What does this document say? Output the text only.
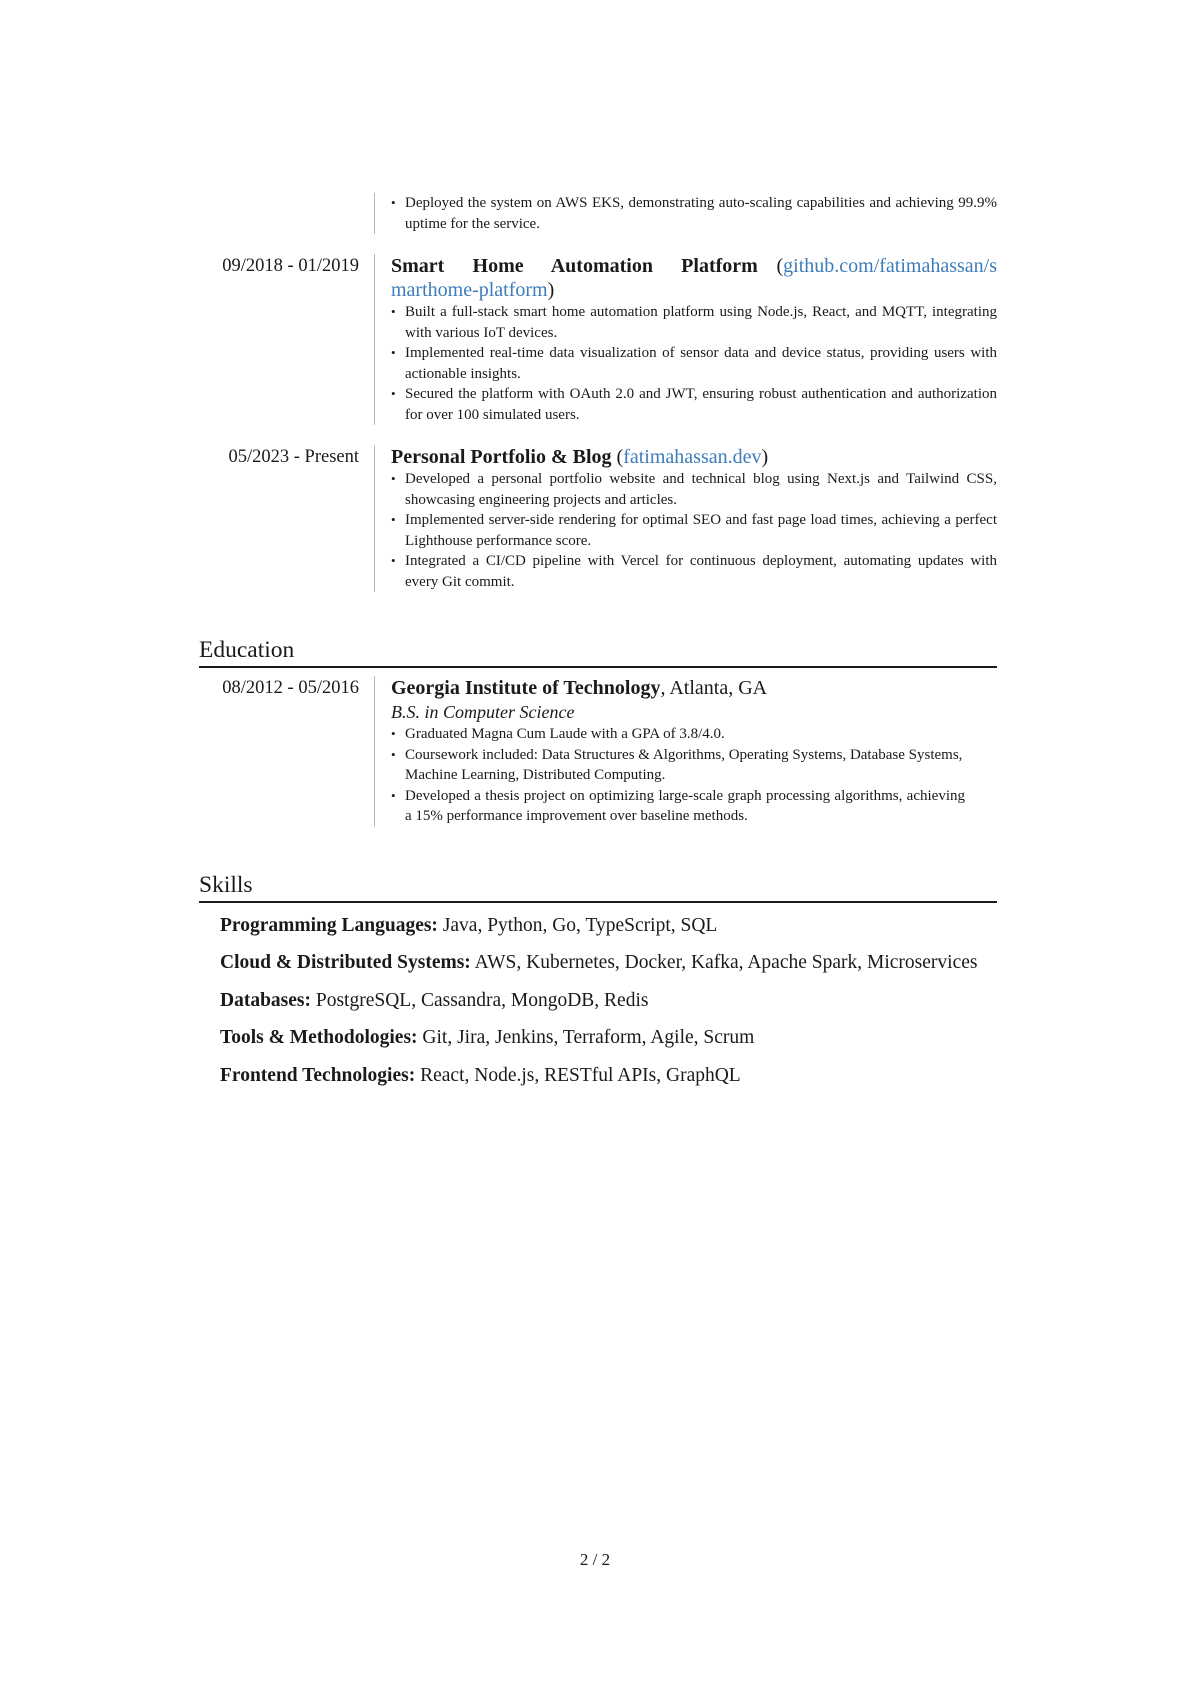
• Deployed the system on AWS EKS, demonstrating auto-scaling capabilities and achieving 99.9% uptime for the service.
09/2018 - 01/2019	Smart Home Automation Platform   (github.com/fatimahassan/smarthome-platform)
• Built a full-stack smart home automation platform using Node.js, React, and MQTT, integrating with various IoT devices.
• Implemented real-time data visualization of sensor data and device status, providing users with actionable insights.
• Secured the platform with OAuth 2.0 and JWT, ensuring robust authentication and authorization for over 100 simulated users.
05/2023 - Present	Personal Portfolio & Blog (fatimahassan.dev)
• Developed a personal portfolio website and technical blog using Next.js and Tailwind CSS, showcasing engineering projects and articles.
• Implemented server-side rendering for optimal SEO and fast page load times, achieving a perfect Lighthouse performance score.
• Integrated a CI/CD pipeline with Vercel for continuous deployment, automating updates with every Git commit.
Education
08/2012 - 05/2016	Georgia Institute of Technology, Atlanta, GA
B.S. in Computer Science
• Graduated Magna Cum Laude with a GPA of 3.8/4.0.
• Coursework included: Data Structures & Algorithms, Operating Systems, Database Systems, Machine Learning, Distributed Computing.
• Developed a thesis project on optimizing large-scale graph processing algorithms, achieving a 15% performance improvement over baseline methods.
Skills
Programming Languages: Java, Python, Go, TypeScript, SQL
Cloud & Distributed Systems: AWS, Kubernetes, Docker, Kafka, Apache Spark, Microservices
Databases: PostgreSQL, Cassandra, MongoDB, Redis
Tools & Methodologies: Git, Jira, Jenkins, Terraform, Agile, Scrum
Frontend Technologies: React, Node.js, RESTful APIs, GraphQL
2 / 2
